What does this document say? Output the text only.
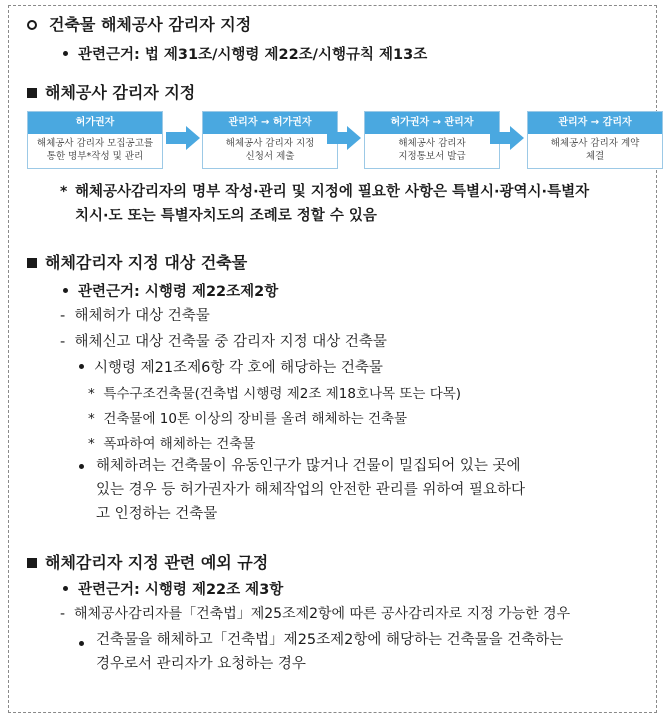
건축물 해체공사 감리자 지정
관련근거: 법 제31조/시행령 제22조/시행규칙 제13조
해체공사 감리자 지정
허가권자
해체공사 감리자 모집공고를
통한 명부*작성 및 관리
관리자 → 허가권자
해체공사 감리자 지정
신청서 제출
허가권자 → 관리자
해체공사 감리자
지정통보서 발급
관리자 → 감리자
해체공사 감리자 계약
체결
* 해체공사감리자의 명부 작성·관리 및 지정에 필요한 사항은 특별시·광역시·특별자
치시·도 또는 특별자치도의 조례로 정할 수 있음
해체감리자 지정 대상 건축물
관련근거: 시행령 제22조제2항
- 해체허가 대상 건축물
- 해체신고 대상 건축물 중 감리자 지정 대상 건축물
시행령 제21조제6항 각 호에 해당하는 건축물
* 특수구조건축물(건축법 시행령 제2조 제18호나목 또는 다목)
* 건축물에 10톤 이상의 장비를 올려 해체하는 건축물
* 폭파하여 해체하는 건축물
해체하려는 건축물이 유동인구가 많거나 건물이 밀집되어 있는 곳에
있는 경우 등 허가권자가 해체작업의 안전한 관리를 위하여 필요하다
고 인정하는 건축물
해체감리자 지정 관련 예외 규정
관련근거: 시행령 제22조 제3항
- 해체공사감리자를「건축법」제25조제2항에 따른 공사감리자로 지정 가능한 경우
건축물을 해체하고「건축법」제25조제2항에 해당하는 건축물을 건축하는
경우로서 관리자가 요청하는 경우
